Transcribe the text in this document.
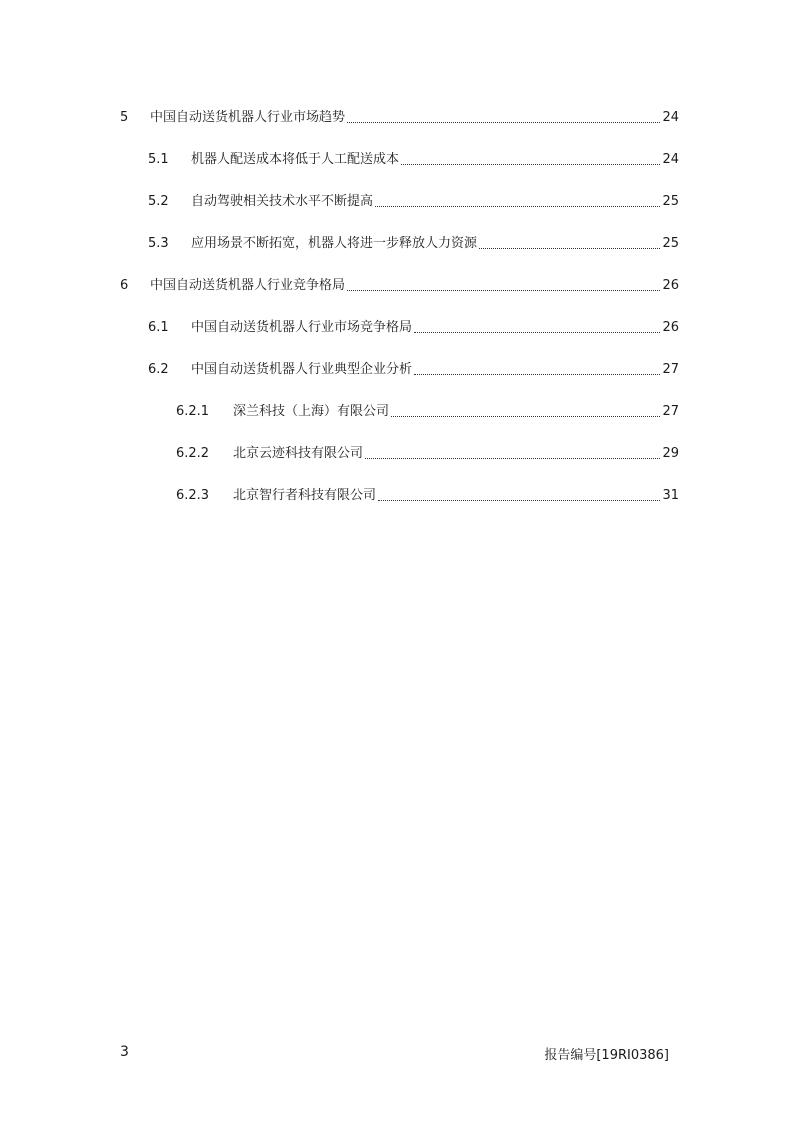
5	中国自动送货机器人行业市场趋势	24
5.1	机器人配送成本将低于人工配送成本	24
5.2	自动驾驶相关技术水平不断提高	25
5.3	应用场景不断拓宽，机器人将进一步释放人力资源	25
6	中国自动送货机器人行业竞争格局	26
6.1	中国自动送货机器人行业市场竞争格局	26
6.2	中国自动送货机器人行业典型企业分析	27
6.2.1	深兰科技（上海）有限公司	27
6.2.2	北京云迹科技有限公司	29
6.2.3	北京智行者科技有限公司	31
3	报告编号[19RI0386]
